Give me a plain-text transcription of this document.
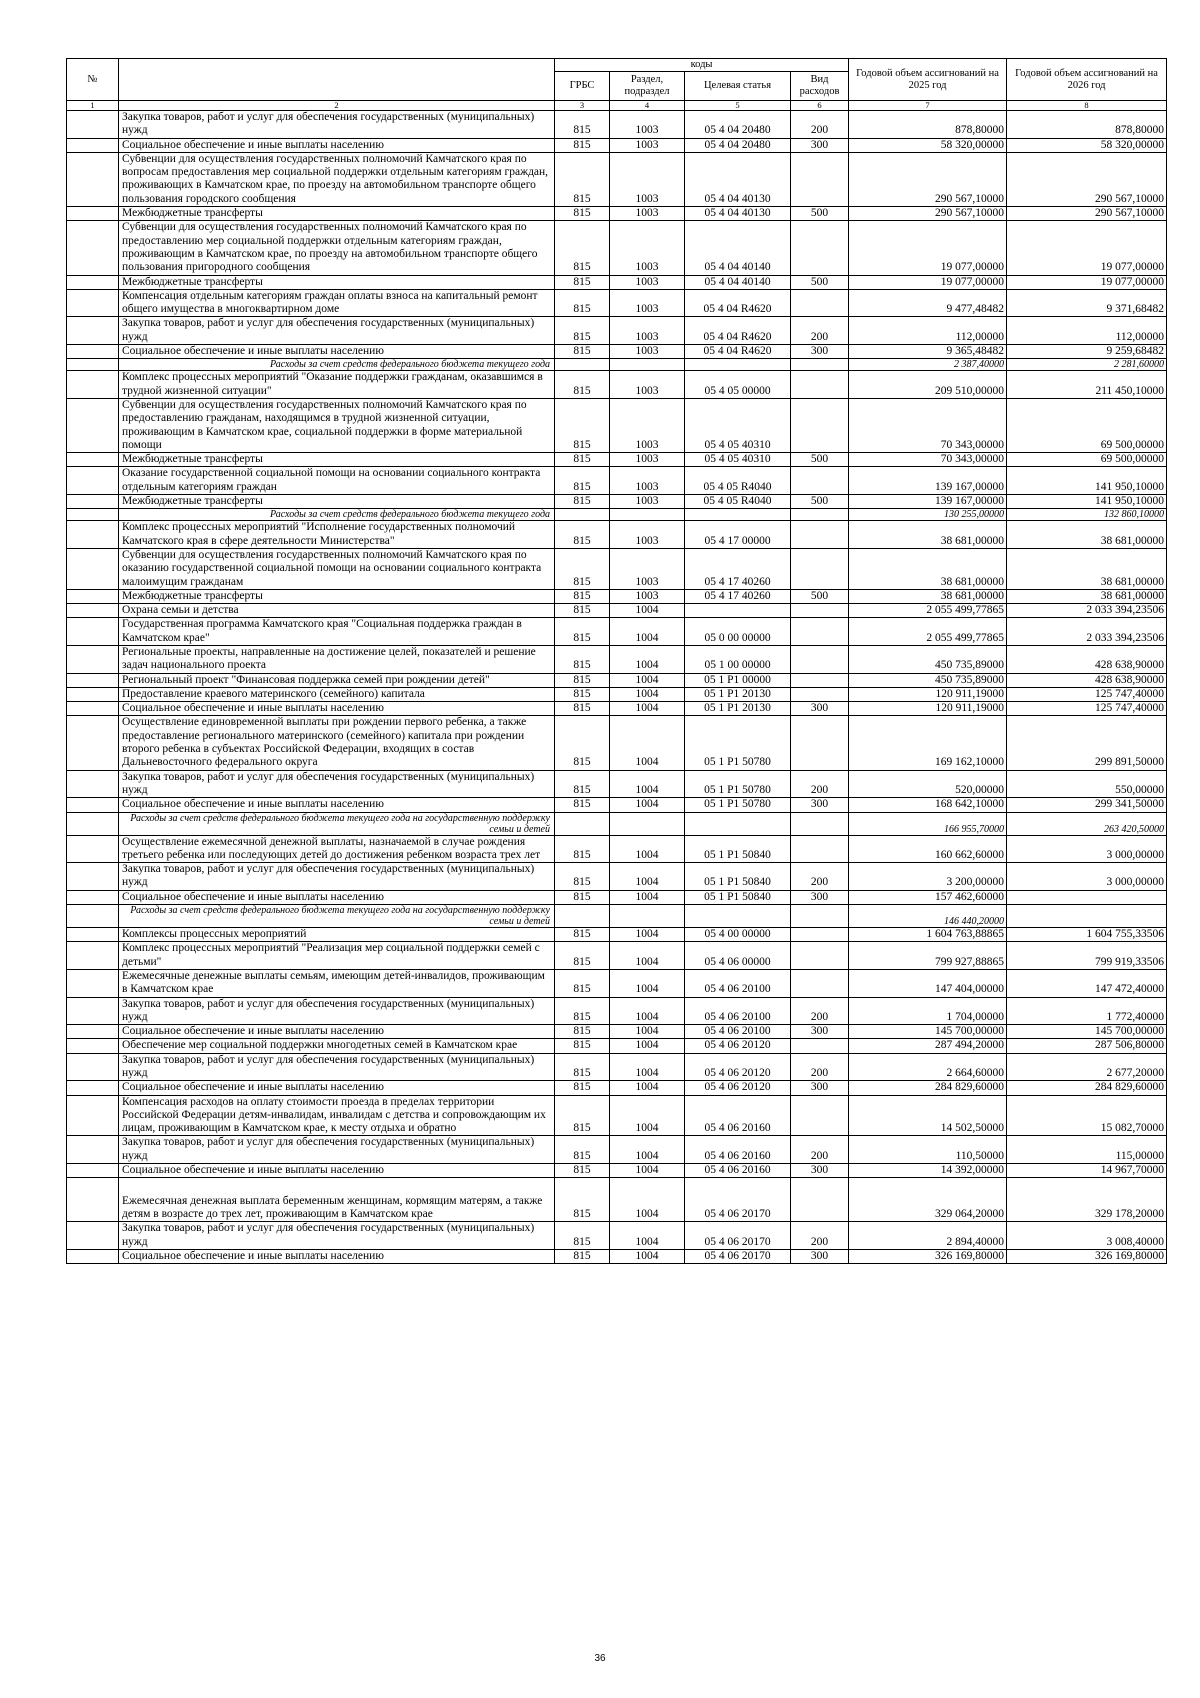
№		коды				Годовой объем ассигнований на 2025 год	Годовой объем ассигнований на 2026 год
		ГРБС	Раздел, подраздел	Целевая статья	Вид расходов		
1	2	3	4	5	6	7	8
	Закупка товаров, работ и услуг для обеспечения государственных (муниципальных) нужд	815	1003	05 4 04 20480	200	878,80000	878,80000
	Социальное обеспечение и иные выплаты населению	815	1003	05 4 04 20480	300	58 320,00000	58 320,00000
	Субвенции для осуществления государственных полномочий Камчатского края по вопросам предоставления мер социальной поддержки отдельным категориям граждан, проживающих в Камчатском крае, по проезду на автомобильном транспорте общего пользования городского сообщения	815	1003	05 4 04 40130		290 567,10000	290 567,10000
	Межбюджетные трансферты	815	1003	05 4 04 40130	500	290 567,10000	290 567,10000
	Субвенции для осуществления государственных полномочий Камчатского края по предоставлению мер социальной поддержки отдельным категориям граждан, проживающим в Камчатском крае, по проезду на автомобильном транспорте общего пользования пригородного сообщения	815	1003	05 4 04 40140		19 077,00000	19 077,00000
	Межбюджетные трансферты	815	1003	05 4 04 40140	500	19 077,00000	19 077,00000
	Компенсация отдельным категориям граждан оплаты взноса на капитальный ремонт общего имущества в многоквартирном доме	815	1003	05 4 04 R4620		9 477,48482	9 371,68482
	Закупка товаров, работ и услуг для обеспечения государственных (муниципальных) нужд	815	1003	05 4 04 R4620	200	112,00000	112,00000
	Социальное обеспечение и иные выплаты населению	815	1003	05 4 04 R4620	300	9 365,48482	9 259,68482
	Расходы за счет средств федерального бюджета текущего года					2 387,40000	2 281,60000
	Комплекс процессных мероприятий "Оказание поддержки гражданам, оказавшимся в трудной жизненной ситуации"	815	1003	05 4 05 00000		209 510,00000	211 450,10000
	Субвенции для осуществления государственных полномочий Камчатского края по предоставлению гражданам, находящимся в трудной жизненной ситуации, проживающим в Камчатском крае, социальной поддержки в форме материальной помощи	815	1003	05 4 05 40310		70 343,00000	69 500,00000
	Межбюджетные трансферты	815	1003	05 4 05 40310	500	70 343,00000	69 500,00000
	Оказание государственной социальной помощи на основании социального контракта отдельным категориям граждан	815	1003	05 4 05 R4040		139 167,00000	141 950,10000
	Межбюджетные трансферты	815	1003	05 4 05 R4040	500	139 167,00000	141 950,10000
	Расходы за счет средств федерального бюджета текущего года					130 255,00000	132 860,10000
	Комплекс процессных мероприятий "Исполнение государственных полномочий Камчатского края в сфере деятельности Министерства"	815	1003	05 4 17 00000		38 681,00000	38 681,00000
	Субвенции для осуществления государственных полномочий Камчатского края по оказанию государственной социальной помощи на основании социального контракта малоимущим гражданам	815	1003	05 4 17 40260		38 681,00000	38 681,00000
	Межбюджетные трансферты	815	1003	05 4 17 40260	500	38 681,00000	38 681,00000
	Охрана семьи и детства	815	1004			2 055 499,77865	2 033 394,23506
	Государственная программа Камчатского края "Социальная поддержка граждан в Камчатском крае"	815	1004	05 0 00 00000		2 055 499,77865	2 033 394,23506
	Региональные проекты, направленные на достижение целей, показателей и решение задач национального проекта	815	1004	05 1 00 00000		450 735,89000	428 638,90000
	Региональный проект "Финансовая поддержка семей при рождении детей"	815	1004	05 1 P1 00000		450 735,89000	428 638,90000
	Предоставление краевого материнского (семейного) капитала	815	1004	05 1 P1 20130		120 911,19000	125 747,40000
	Социальное обеспечение и иные выплаты населению	815	1004	05 1 P1 20130	300	120 911,19000	125 747,40000
	Осуществление единовременной выплаты при рождении первого ребенка, а также предоставление регионального материнского (семейного) капитала при рождении второго ребенка в субъектах Российской Федерации, входящих в состав Дальневосточного федерального округа	815	1004	05 1 P1 50780		169 162,10000	299 891,50000
	Закупка товаров, работ и услуг для обеспечения государственных (муниципальных) нужд	815	1004	05 1 P1 50780	200	520,00000	550,00000
	Социальное обеспечение и иные выплаты населению	815	1004	05 1 P1 50780	300	168 642,10000	299 341,50000
	Расходы за счет средств федерального бюджета текущего года на государственную поддержку семьи и детей					166 955,70000	263 420,50000
	Осуществление ежемесячной денежной выплаты, назначаемой в случае рождения третьего ребенка или последующих детей до достижения ребенком возраста трех лет	815	1004	05 1 P1 50840		160 662,60000	3 000,00000
	Закупка товаров, работ и услуг для обеспечения государственных (муниципальных) нужд	815	1004	05 1 P1 50840	200	3 200,00000	3 000,00000
	Социальное обеспечение и иные выплаты населению	815	1004	05 1 P1 50840	300	157 462,60000	
	Расходы за счет средств федерального бюджета текущего года на государственную поддержку семьи и детей					146 440,20000	
	Комплексы процессных мероприятий	815	1004	05 4 00 00000		1 604 763,88865	1 604 755,33506
	Комплекс процессных мероприятий "Реализация мер социальной поддержки семей с детьми"	815	1004	05 4 06 00000		799 927,88865	799 919,33506
	Ежемесячные денежные выплаты семьям, имеющим детей-инвалидов, проживающим в Камчатском крае	815	1004	05 4 06 20100		147 404,00000	147 472,40000
	Закупка товаров, работ и услуг для обеспечения государственных (муниципальных) нужд	815	1004	05 4 06 20100	200	1 704,00000	1 772,40000
	Социальное обеспечение и иные выплаты населению	815	1004	05 4 06 20100	300	145 700,00000	145 700,00000
	Обеспечение мер социальной поддержки многодетных семей в Камчатском крае	815	1004	05 4 06 20120		287 494,20000	287 506,80000
	Закупка товаров, работ и услуг для обеспечения государственных (муниципальных) нужд	815	1004	05 4 06 20120	200	2 664,60000	2 677,20000
	Социальное обеспечение и иные выплаты населению	815	1004	05 4 06 20120	300	284 829,60000	284 829,60000
	Компенсация расходов на оплату стоимости проезда в пределах территории Российской Федерации детям-инвалидам, инвалидам с детства и сопровождающим их лицам, проживающим в Камчатском крае, к месту отдыха и обратно	815	1004	05 4 06 20160		14 502,50000	15 082,70000
	Закупка товаров, работ и услуг для обеспечения государственных (муниципальных) нужд	815	1004	05 4 06 20160	200	110,50000	115,00000
	Социальное обеспечение и иные выплаты населению	815	1004	05 4 06 20160	300	14 392,00000	14 967,70000
	Ежемесячная денежная выплата беременным женщинам, кормящим матерям, а также детям в возрасте до трех лет, проживающим в Камчатском крае	815	1004	05 4 06 20170		329 064,20000	329 178,20000
	Закупка товаров, работ и услуг для обеспечения государственных (муниципальных) нужд	815	1004	05 4 06 20170	200	2 894,40000	3 008,40000
	Социальное обеспечение и иные выплаты населению	815	1004	05 4 06 20170	300	326 169,80000	326 169,80000
36
